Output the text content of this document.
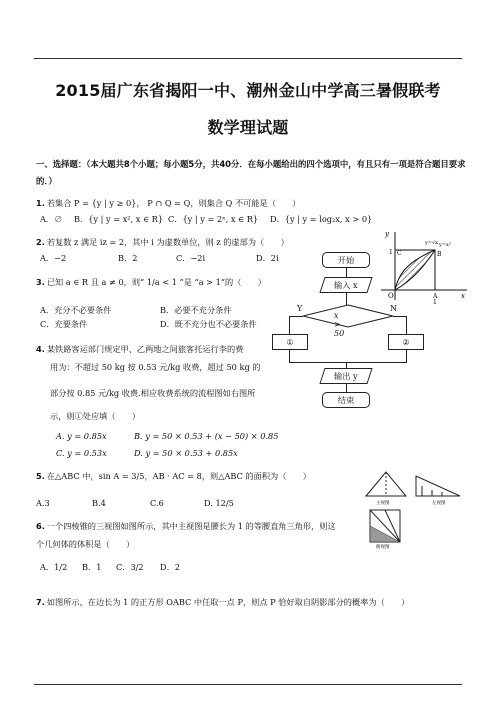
2015届广东省揭阳一中、潮州金山中学高三暑假联考
数学理试题
一、选择题：（本大题共8个小题；每小题5分，共40分．在每小题给出的四个选项中，有且只有一项是符合题目要求的．）
1. 若集合 P = {y | y ≥ 0}， P ∩ Q = Q，则集合 Q 不可能是（　　）
A．∅ B．{y | y = x², x ∈ R} C．{y | y = 2ˣ, x ∈ R} D．{y | y = log₂x, x > 0}
2. 若复数 z 满足 iz = 2，其中 i 为虚数单位，则 z 的虚部为（　　）
A．−2	B．2	C．−2i	D．2i
3. 已知 a ∈ R 且 a ≠ 0，则“ 1/a < 1 ”是 “a > 1”的（　　）
A．充分不必要条件	B．必要不充分条件
C．充要条件	D．既不充分也不必要条件
4. 某铁路客运部门规定甲、乙两地之间旅客托运行李的费
用为：不超过 50 kg 按 0.53 元/kg 收费，超过 50 kg 的
部分按 0.85 元/kg 收费.相应收费系统的流程图如右图所
示，则①处应填（　　）
A. y = 0.85x	B. y = 50 × 0.53 + (x − 50) × 0.85
C. y = 0.53x	D. y = 50 × 0.53 + 0.85x
5. 在△ABC 中，sin A = 3/5，AB · AC = 8，则△ABC 的面积为（　　）
A.3	B.4	C.6	D. 12/5
6. 一个四棱锥的三视图如图所示，其中主视图是腰长为 1 的等腰直角三角形，则这
个几何体的体积是（　　）
A．1/2 B．1 C．3/2 D．2
7. 如图所示，在边长为 1 的正方形 OABC 中任取一点 P，则点 P 恰好取自阴影部分的概率为（　　）
开始
输入 x
x > 50
Y	N
①	②
输出 y
结束
y
x
O	A
B
C
1
1
y=√x y=x²
主视图	左视图
俯视图
